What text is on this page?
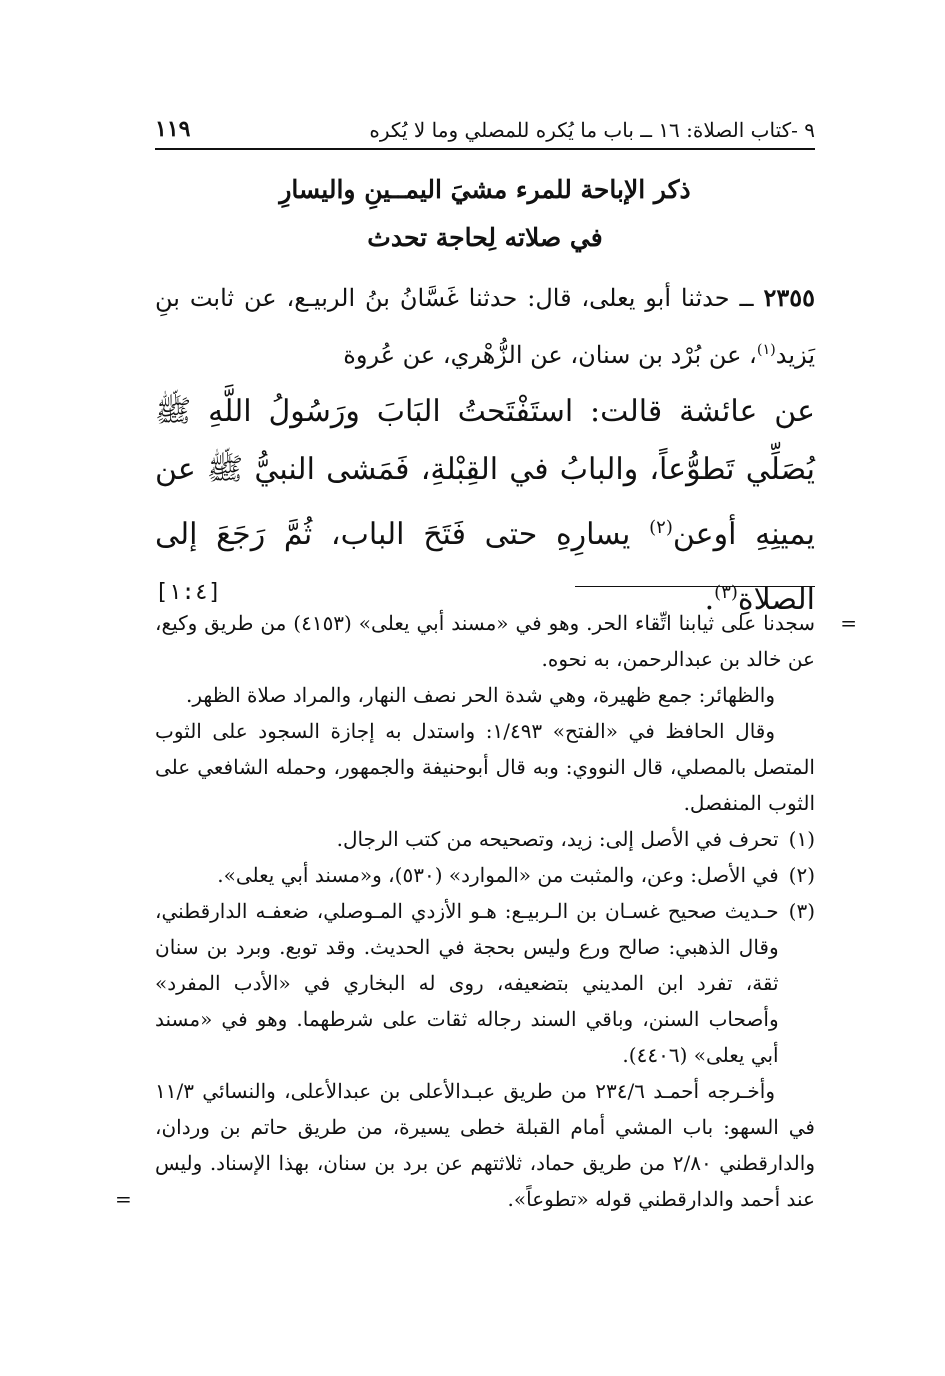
٩ -كتاب الصلاة: ١٦ ــ باب ما يُكره للمصلي وما لا يُكره
١١٩
ذكر الإباحة للمرء مشيَ اليمــينِ واليسارِ
في صلاته لِحاجة تحدث
٢٣٥٥ ــ حدثنا أبو يعلى، قال: حدثنا غَسَّانُ بنُ الربيـع، عن ثابت بنِ يَزيد$^{(١)}$، عن بُرْد بن سنان، عن الزُّهْري، عن عُروة
عن عائشة قالت: استَفْتَحتُ البَابَ ورَسُولُ اللَّهِ ﷺ يُصَلِّي تَطوُّعاً، والبابُ في القِبْلةِ، فَمَشى النبيُّ ﷺ عن يمينِهِ أوعن$^{(٢)}$ يسارِهِ حتى فَتَحَ الباب، ثُمَّ رَجَعَ إلى الصلاةِ$^{(٣)}$.
[١:٤]
=

سجدنا على ثيابنا اتِّقاء الحر. وهو في «مسند أبي يعلى» (٤١٥٣) من طريق وكيع، عن خالد بن عبدالرحمن، به نحوه.

والظهائر: جمع ظهيرة، وهي شدة الحر نصف النهار، والمراد صلاة الظهر.

وقال الحافظ في «الفتح» ١/٤٩٣: واستدل به إجازة السجود على الثوب المتصل بالمصلي، قال النووي: وبه قال أبوحنيفة والجمهور، وحمله الشافعي على الثوب المنفصل.

(١)
تحرف في الأصل إلى: زيد، وتصحيحه من كتب الرجال.
(٢)
في الأصل: وعن، والمثبت من «الموارد» (٥٣٠)، و«مسند أبي يعلى».
(٣)
حـديث صحيح غسـان بن الـربيـع: هـو الأزدي المـوصلي، ضعفـه الدارقطني، وقال الذهبي: صالح ورع وليس بحجة في الحديث. وقد توبع. وبرد بن سنان ثقة، تفرد ابن المديني بتضعيفه، روى له البخاري في «الأدب المفرد» وأصحاب السنن، وباقي السند رجاله ثقات على شرطهما. وهو في «مسند أبي يعلى» (٤٤٠٦).

وأخـرجه أحمـد ٢٣٤/٦ من طريق عبـدالأعلى بن عبدالأعلى، والنسائي ١١/٣ في السهو: باب المشي أمام القبلة خطى يسيرة، من طريق حاتم بن وردان، والدارقطني ٢/٨٠ من طريق حماد، ثلاثتهم عن برد بن سنان، بهذا الإسناد. وليس عند أحمد والدارقطني قوله «تطوعاً».

=
